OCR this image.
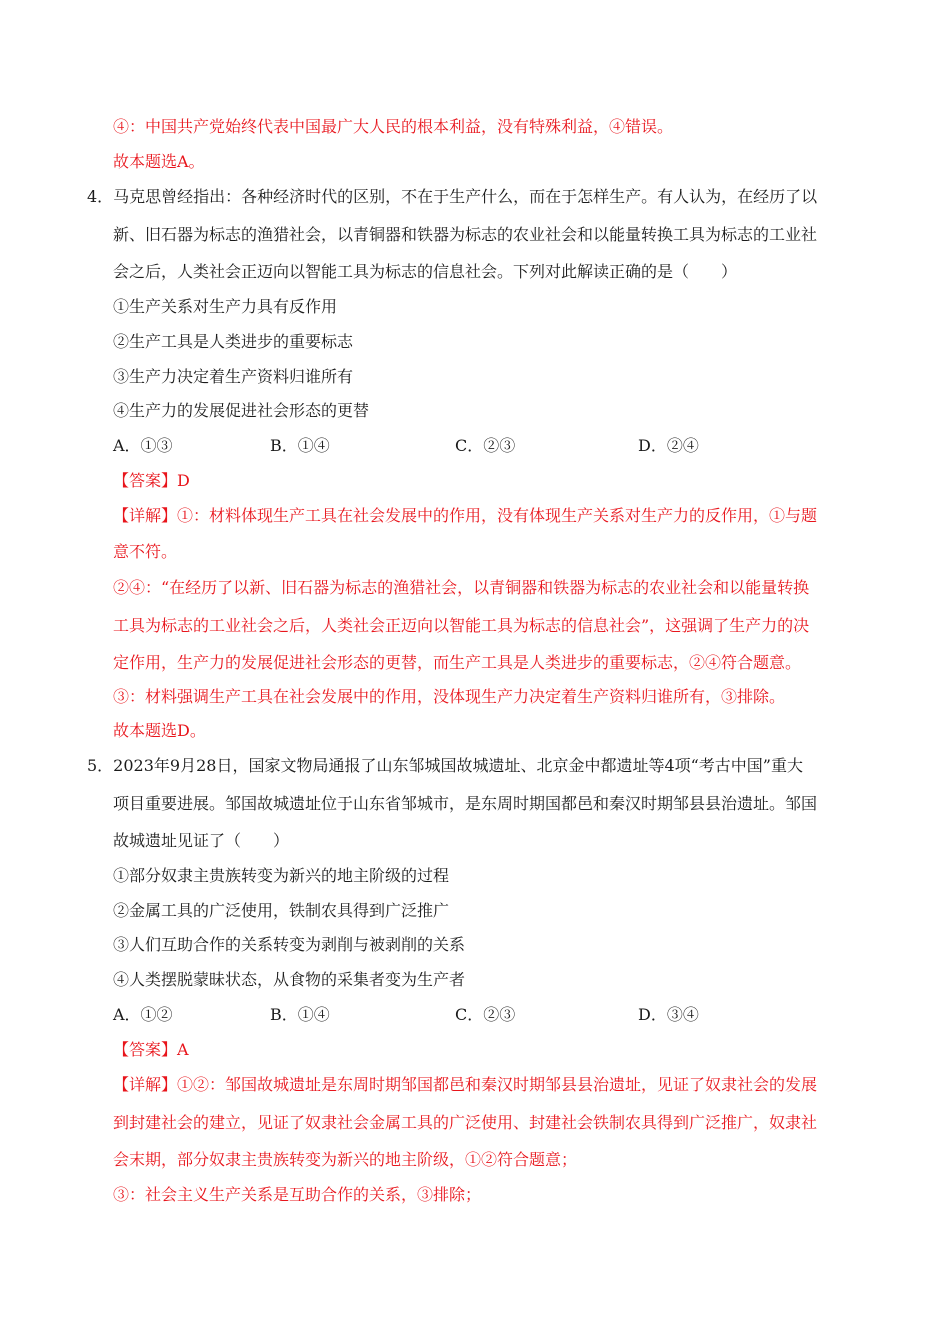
④：中国共产党始终代表中国最广大人民的根本利益，没有特殊利益，④错误。
故本题选A。
4．马克思曾经指出：各种经济时代的区别，不在于生产什么，而在于怎样生产。有人认为，在经历了以
新、旧石器为标志的渔猎社会，以青铜器和铁器为标志的农业社会和以能量转换工具为标志的工业社
会之后，人类社会正迈向以智能工具为标志的信息社会。下列对此解读正确的是（　　）
①生产关系对生产力具有反作用
②生产工具是人类进步的重要标志
③生产力决定着生产资料归谁所有
④生产力的发展促进社会形态的更替
A．①③	B．①④	C．②③	D．②④
【答案】D
【详解】①：材料体现生产工具在社会发展中的作用，没有体现生产关系对生产力的反作用，①与题
意不符。
②④：“在经历了以新、旧石器为标志的渔猎社会，以青铜器和铁器为标志的农业社会和以能量转换
工具为标志的工业社会之后，人类社会正迈向以智能工具为标志的信息社会”，这强调了生产力的决
定作用，生产力的发展促进社会形态的更替，而生产工具是人类进步的重要标志，②④符合题意。
③：材料强调生产工具在社会发展中的作用，没体现生产力决定着生产资料归谁所有，③排除。
故本题选D。
5．2023年9月28日，国家文物局通报了山东邹城国故城遗址、北京金中都遗址等4项“考古中国”重大
项目重要进展。邹国故城遗址位于山东省邹城市，是东周时期国都邑和秦汉时期邹县县治遗址。邹国
故城遗址见证了（　　）
①部分奴隶主贵族转变为新兴的地主阶级的过程
②金属工具的广泛使用，铁制农具得到广泛推广
③人们互助合作的关系转变为剥削与被剥削的关系
④人类摆脱蒙昧状态，从食物的采集者变为生产者
A．①②	B．①④	C．②③	D．③④
【答案】A
【详解】①②：邹国故城遗址是东周时期邹国都邑和秦汉时期邹县县治遗址，见证了奴隶社会的发展
到封建社会的建立，见证了奴隶社会金属工具的广泛使用、封建社会铁制农具得到广泛推广，奴隶社
会末期，部分奴隶主贵族转变为新兴的地主阶级，①②符合题意；
③：社会主义生产关系是互助合作的关系，③排除；
